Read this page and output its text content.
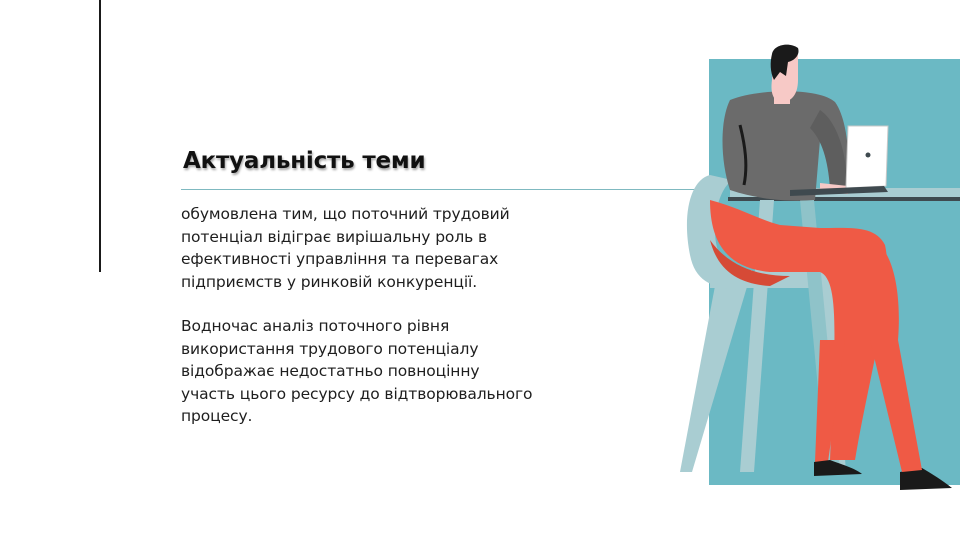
Актуальність теми

обумовлена тим, що поточний трудовий
потенціал відіграє вирішальну роль в
ефективності управління та перевагах
підприємств у ринковій конкуренції.

Водночас аналіз поточного рівня
використання трудового потенціалу
відображає недостатньо повноцінну
участь цього ресурсу до відтворювального
процесу.
